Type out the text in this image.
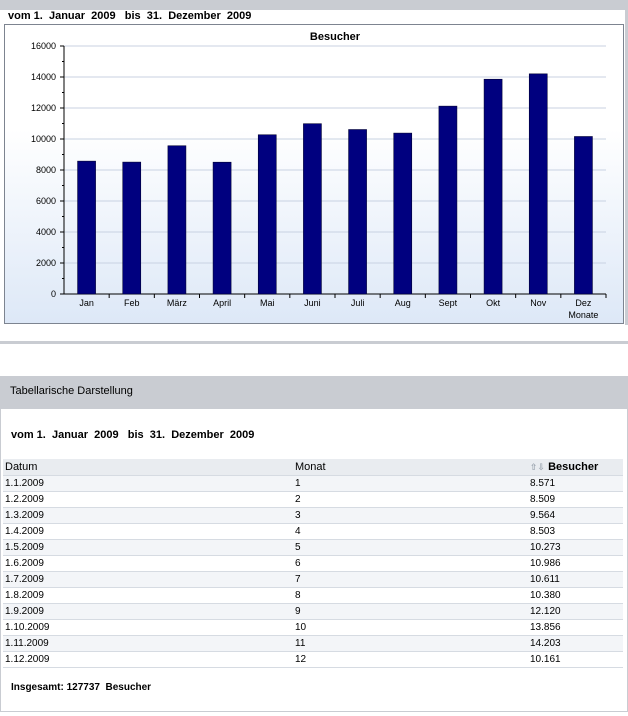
vom 1.  Januar  2009   bis  31.  Dezember  2009
Besucher
0
2000
4000
6000
8000
10000
12000
14000
16000
Jan	Feb	März	April	Mai	Juni	Juli	Aug	Sept	Okt	Nov	Dez
Monate
Tabellarische Darstellung
vom 1.  Januar  2009   bis  31.  Dezember  2009
Datum	Monat	⇧⇩ Besucher
1.1.2009	1	8.571
1.2.2009	2	8.509
1.3.2009	3	9.564
1.4.2009	4	8.503
1.5.2009	5	10.273
1.6.2009	6	10.986
1.7.2009	7	10.611
1.8.2009	8	10.380
1.9.2009	9	12.120
1.10.2009	10	13.856
1.11.2009	11	14.203
1.12.2009	12	10.161
Insgesamt: 127737  Besucher
